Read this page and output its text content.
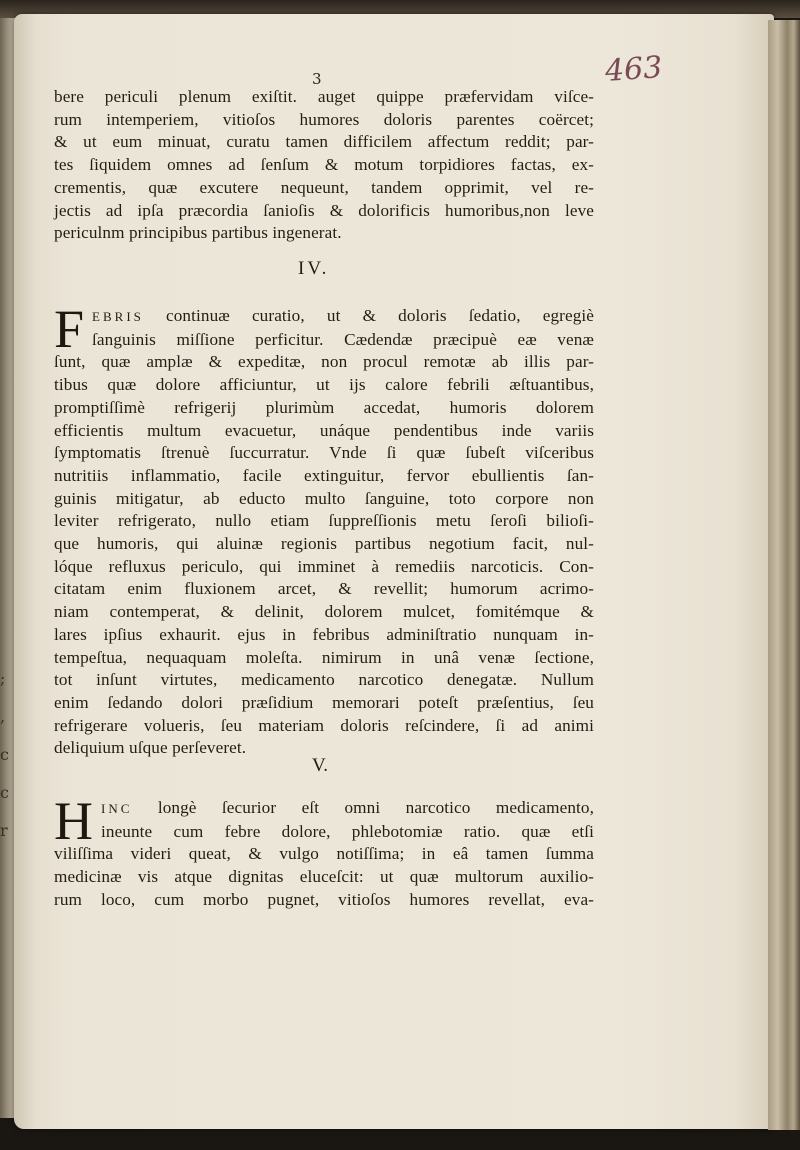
;
,
c
c
r
463
3
bere periculi plenum exiſtit. auget quippe præfervidam viſce-
rum intemperiem, vitioſos humores doloris parentes coërcet;
& ut eum minuat, curatu tamen difficilem affectum reddit; par-
tes ſiquidem omnes ad ſenſum & motum torpidiores factas, ex-
crementis, quæ excutere nequeunt, tandem opprimit, vel re-
jectis ad ipſa præcordia ſanioſis & dolorificis humoribus,non leve
periculnm principibus partibus ingenerat.
IV.
F EBRIS continuæ curatio, ut & doloris ſedatio, egregiè
ſanguinis miſſione perficitur. Cædendæ præcipuè eæ venæ
ſunt, quæ amplæ & expeditæ, non procul remotæ ab illis par-
tibus quæ dolore afficiuntur, ut ijs calore febrili æſtuantibus,
promptiſſimè refrigerij plurimùm accedat, humoris dolorem
efficientis multum evacuetur, unáque pendentibus inde variis
ſymptomatis ſtrenuè ſuccurratur. Vnde ſi quæ ſubeſt viſceribus
nutritiis inflammatio, facile extinguitur, fervor ebullientis ſan-
guinis mitigatur, ab educto multo ſanguine, toto corpore non
leviter refrigerato, nullo etiam ſuppreſſionis metu ſeroſi bilioſi-
que humoris, qui aluinæ regionis partibus negotium facit, nul-
lóque refluxus periculo, qui imminet à remediis narcoticis. Con-
citatam enim fluxionem arcet, & revellit; humorum acrimo-
niam contemperat, & delinit, dolorem mulcet, fomitémque &
lares ipſius exhaurit. ejus in febribus adminiſtratio nunquam in-
tempeſtua, nequaquam moleſta. nimirum in unâ venæ ſectione,
tot inſunt virtutes, medicamento narcotico denegatæ. Nullum
enim ſedando dolori præſidium memorari poteſt præſentius, ſeu
refrigerare volueris, ſeu materiam doloris reſcindere, ſi ad animi
deliquium uſque perſeveret.
V.
H INC longè ſecurior eſt omni narcotico medicamento,
ineunte cum febre dolore, phlebotomiæ ratio. quæ etſi
viliſſima videri queat, & vulgo notiſſima; in eâ tamen ſumma
medicinæ vis atque dignitas eluceſcit: ut quæ multorum auxilio-
rum loco, cum morbo pugnet, vitioſos humores revellat, eva-
